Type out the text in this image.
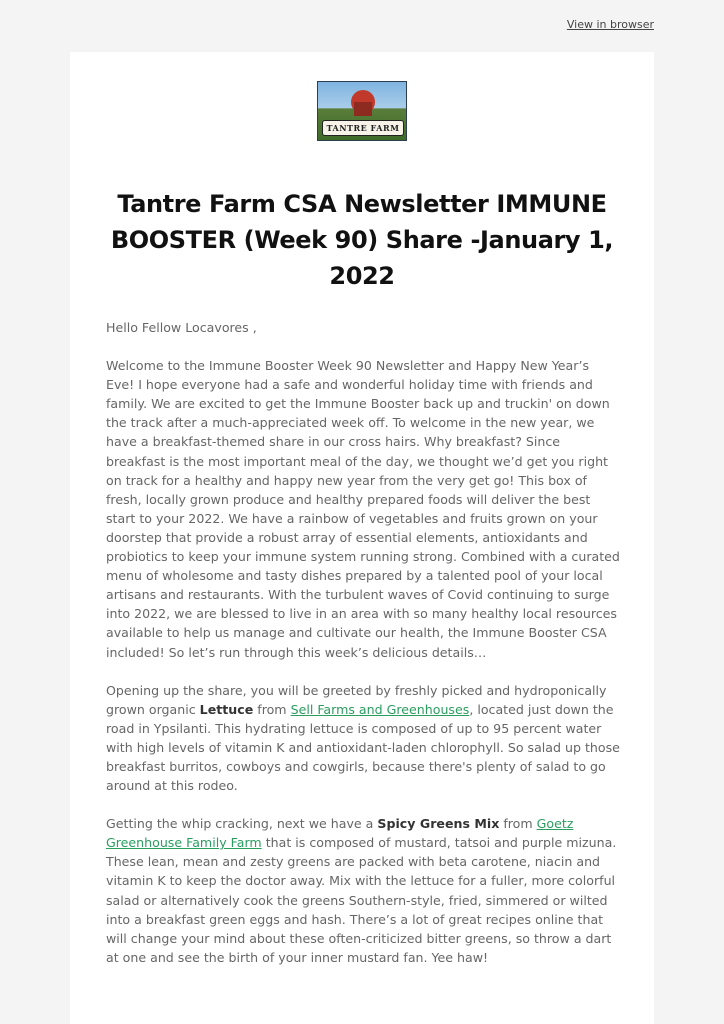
View in browser
TANTRE FARM
Tantre Farm CSA Newsletter IMMUNE BOOSTER (Week 90) Share -January 1, 2022

Hello Fellow Locavores ,

Welcome to the Immune Booster Week 90 Newsletter and Happy New Year’s Eve! I hope everyone had a safe and wonderful holiday time with friends and family. We are excited to get the Immune Booster back up and truckin' on down the track after a much-appreciated week off. To welcome in the new year, we have a breakfast-themed share in our cross hairs. Why breakfast? Since breakfast is the most important meal of the day, we thought we’d get you right on track for a healthy and happy new year from the very get go! This box of fresh, locally grown produce and healthy prepared foods will deliver the best start to your 2022. We have a rainbow of vegetables and fruits grown on your doorstep that provide a robust array of essential elements, antioxidants and probiotics to keep your immune system running strong. Combined with a curated menu of wholesome and tasty dishes prepared by a talented pool of your local artisans and restaurants. With the turbulent waves of Covid continuing to surge into 2022, we are blessed to live in an area with so many healthy local resources available to help us manage and cultivate our health, the Immune Booster CSA included! So let’s run through this week’s delicious details…

Opening up the share, you will be greeted by freshly picked and hydroponically grown organic Lettuce from Sell Farms and Greenhouses, located just down the road in Ypsilanti. This hydrating lettuce is composed of up to 95 percent water with high levels of vitamin K and antioxidant-laden chlorophyll. So salad up those breakfast burritos, cowboys and cowgirls, because there's plenty of salad to go around at this rodeo.

Getting the whip cracking, next we have a Spicy Greens Mix from Goetz Greenhouse Family Farm that is composed of mustard, tatsoi and purple mizuna. These lean, mean and zesty greens are packed with beta carotene, niacin and vitamin K to keep the doctor away. Mix with the lettuce for a fuller, more colorful salad or alternatively cook the greens Southern-style, fried, simmered or wilted into a breakfast green eggs and hash. There’s a lot of great recipes online that will change your mind about these often-criticized bitter greens, so throw a dart at one and see the birth of your inner mustard fan. Yee haw!
